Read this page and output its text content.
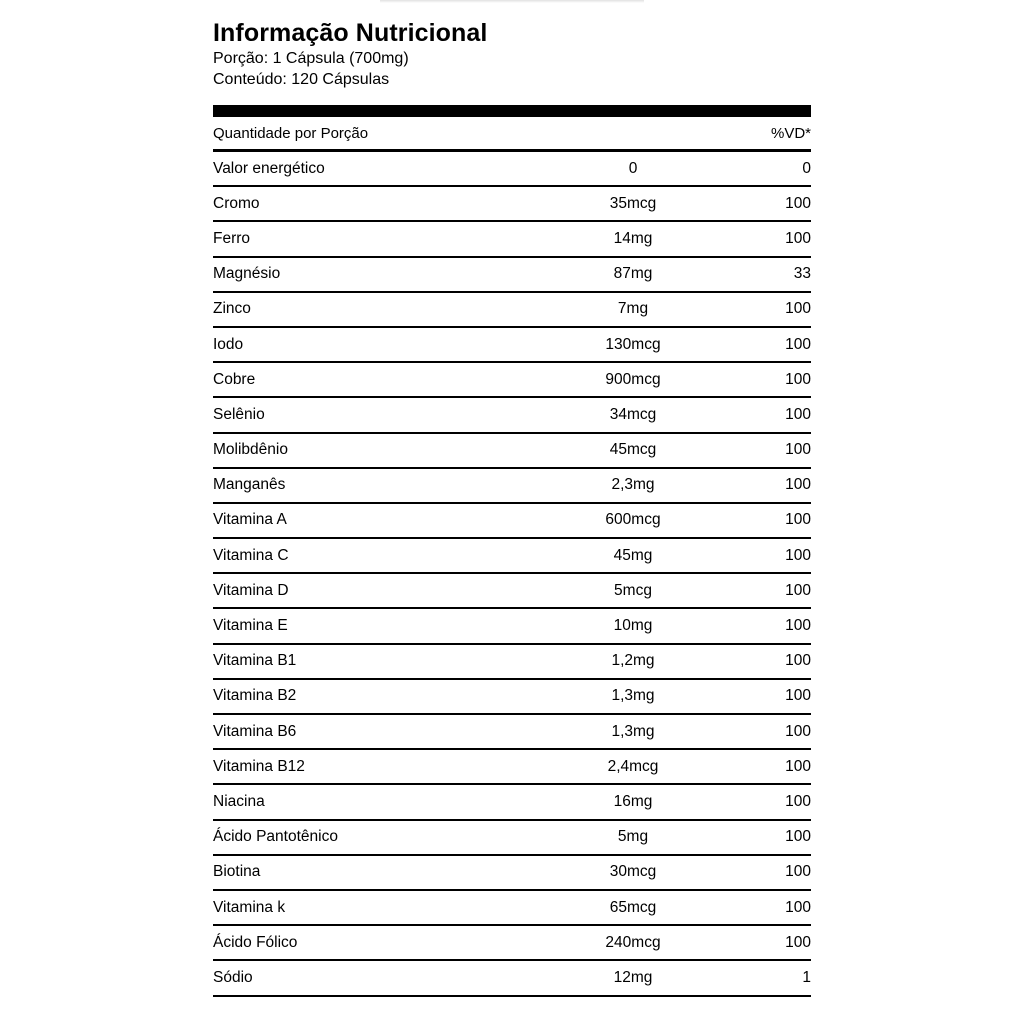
Informação Nutricional

Porção: 1 Cápsula (700mg)

Conteúdo: 120 Cápsulas

Quantidade por Porção	%VD*
Valor energético	0	0
Cromo	35mcg	100
Ferro	14mg	100
Magnésio	87mg	33
Zinco	7mg	100
Iodo	130mcg	100
Cobre	900mcg	100
Selênio	34mcg	100
Molibdênio	45mcg	100
Manganês	2,3mg	100
Vitamina A	600mcg	100
Vitamina C	45mg	100
Vitamina D	5mcg	100
Vitamina E	10mg	100
Vitamina B1	1,2mg	100
Vitamina B2	1,3mg	100
Vitamina B6	1,3mg	100
Vitamina B12	2,4mcg	100
Niacina	16mg	100
Ácido Pantotênico	5mg	100
Biotina	30mcg	100
Vitamina k	65mcg	100
Ácido Fólico	240mcg	100
Sódio	12mg	1
